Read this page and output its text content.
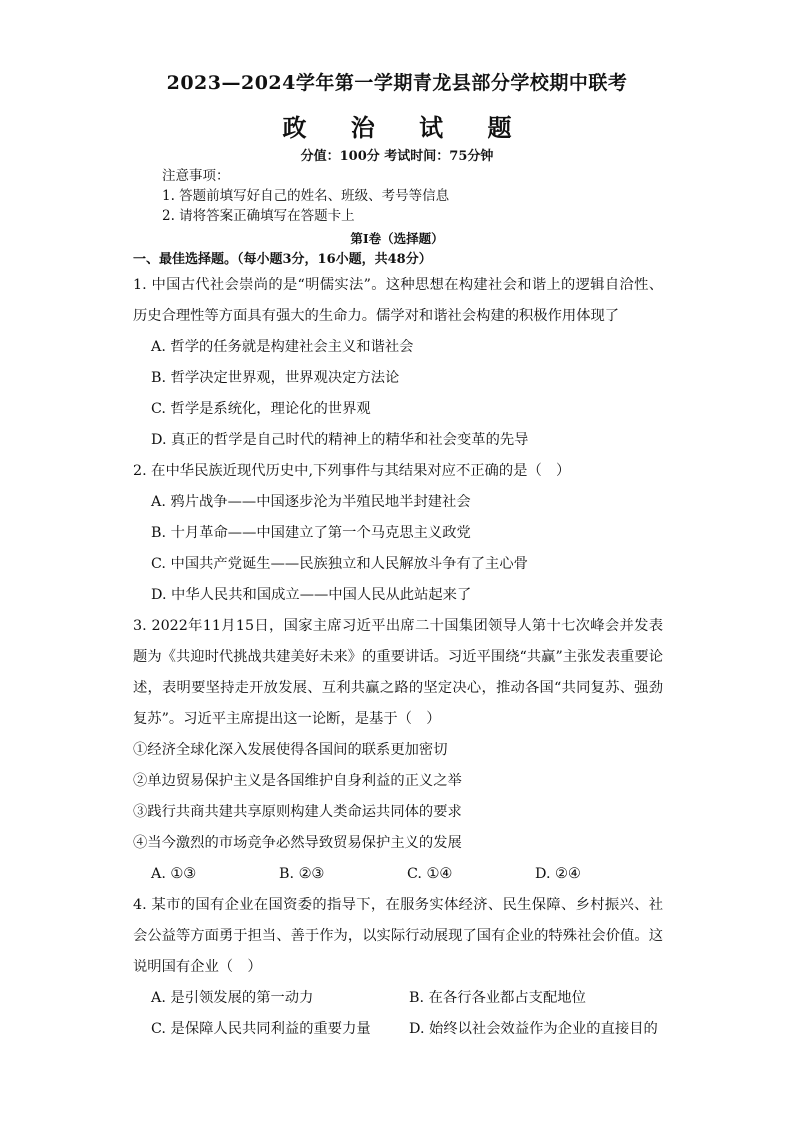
2023—2024学年第一学期青龙县部分学校期中联考
政 治 试 题
分值：100分 考试时间：75分钟
注意事项：
1. 答题前填写好自己的姓名、班级、考号等信息
2. 请将答案正确填写在答题卡上
第I卷（选择题）
一、最佳选择题。（每小题3分，16小题，共48分）
1. 中国古代社会崇尚的是“明儒实法”。这种思想在构建社会和谐上的逻辑自洽性、历史合理性等方面具有强大的生命力。儒学对和谐社会构建的积极作用体现了
A. 哲学的任务就是构建社会主义和谐社会
B. 哲学决定世界观，世界观决定方法论
C. 哲学是系统化，理论化的世界观
D. 真正的哲学是自己时代的精神上的精华和社会变革的先导
2. 在中华民族近现代历史中,下列事件与其结果对应不正确的是（　）
A. 鸦片战争——中国逐步沦为半殖民地半封建社会
B. 十月革命——中国建立了第一个马克思主义政党
C. 中国共产党诞生——民族独立和人民解放斗争有了主心骨
D. 中华人民共和国成立——中国人民从此站起来了
3. 2022年11月15日，国家主席习近平出席二十国集团领导人第十七次峰会并发表题为《共迎时代挑战共建美好未来》的重要讲话。习近平围绕“共赢”主张发表重要论述，表明要坚持走开放发展、互利共赢之路的坚定决心，推动各国“共同复苏、强劲复苏”。习近平主席提出这一论断，是基于（　）
①经济全球化深入发展使得各国间的联系更加密切
②单边贸易保护主义是各国维护自身利益的正义之举
③践行共商共建共享原则构建人类命运共同体的要求
④当今激烈的市场竞争必然导致贸易保护主义的发展
A. ①③	B. ②③	C. ①④	D. ②④
4. 某市的国有企业在国资委的指导下，在服务实体经济、民生保障、乡村振兴、社会公益等方面勇于担当、善于作为，以实际行动展现了国有企业的特殊社会价值。这说明国有企业（　）
A. 是引领发展的第一动力	B. 在各行各业都占支配地位
C. 是保障人民共同利益的重要力量	D. 始终以社会效益作为企业的直接目的
